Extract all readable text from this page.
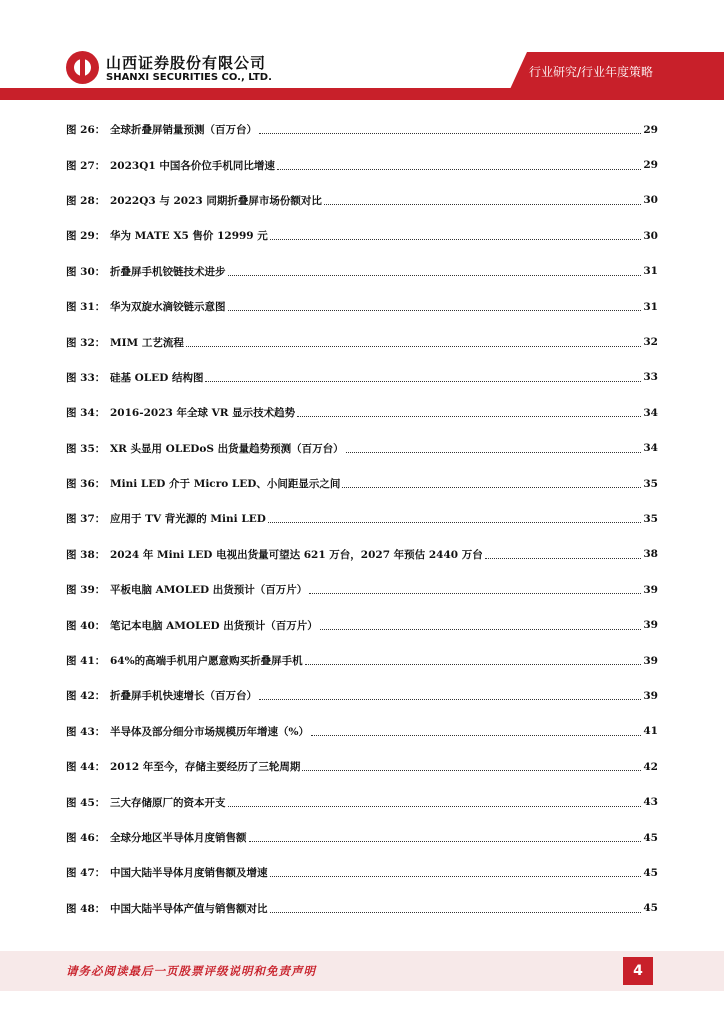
山西证券股份有限公司
SHANXI SECURITIES CO., LTD.	行业研究/行业年度策略
图 26： 全球折叠屏销量预测（百万台）	29
图 27： 2023Q1 中国各价位手机同比增速	29
图 28： 2022Q3 与 2023 同期折叠屏市场份额对比	30
图 29： 华为 MATE X5 售价 12999 元	30
图 30： 折叠屏手机铰链技术进步	31
图 31： 华为双旋水滴铰链示意图	31
图 32： MIM 工艺流程	32
图 33： 硅基 OLED 结构图	33
图 34： 2016-2023 年全球 VR 显示技术趋势	34
图 35： XR 头显用 OLEDoS 出货量趋势预测（百万台）	34
图 36： Mini LED 介于 Micro LED、小间距显示之间	35
图 37： 应用于 TV 背光源的 Mini LED	35
图 38： 2024 年 Mini LED 电视出货量可望达 621 万台，2027 年预估 2440 万台	38
图 39： 平板电脑 AMOLED 出货预计（百万片）	39
图 40： 笔记本电脑 AMOLED 出货预计（百万片）	39
图 41： 64%的高端手机用户愿意购买折叠屏手机	39
图 42： 折叠屏手机快速增长（百万台）	39
图 43： 半导体及部分细分市场规模历年增速（%）	41
图 44： 2012 年至今，存储主要经历了三轮周期	42
图 45： 三大存储原厂的资本开支	43
图 46： 全球分地区半导体月度销售额	45
图 47： 中国大陆半导体月度销售额及增速	45
图 48： 中国大陆半导体产值与销售额对比	45
请务必阅读最后一页股票评级说明和免责声明	4
